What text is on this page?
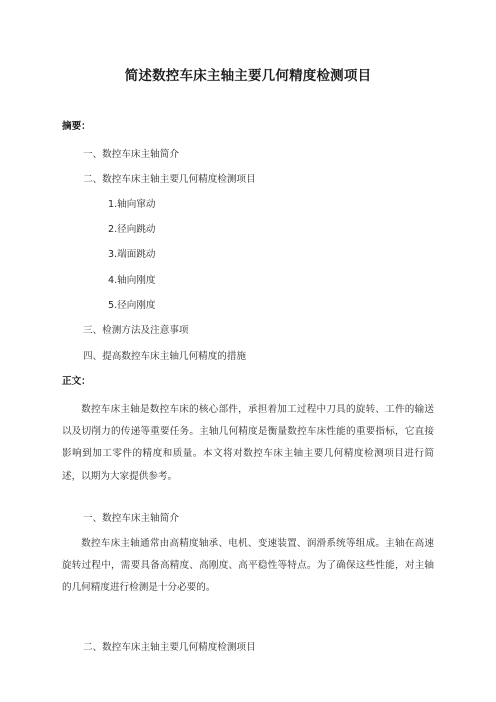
简述数控车床主轴主要几何精度检测项目
摘要：
一、数控车床主轴简介
二、数控车床主轴主要几何精度检测项目
1.轴向窜动
2.径向跳动
3.端面跳动
4.轴向刚度
5.径向刚度
三、检测方法及注意事项
四、提高数控车床主轴几何精度的措施
正文：
数控车床主轴是数控车床的核心部件，承担着加工过程中刀具的旋转、工件的输送以及切削力的传递等重要任务。主轴几何精度是衡量数控车床性能的重要指标，它直接影响到加工零件的精度和质量。本文将对数控车床主轴主要几何精度检测项目进行简述，以期为大家提供参考。
一、数控车床主轴简介
数控车床主轴通常由高精度轴承、电机、变速装置、润滑系统等组成。主轴在高速旋转过程中，需要具备高精度、高刚度、高平稳性等特点。为了确保这些性能，对主轴的几何精度进行检测是十分必要的。
二、数控车床主轴主要几何精度检测项目
